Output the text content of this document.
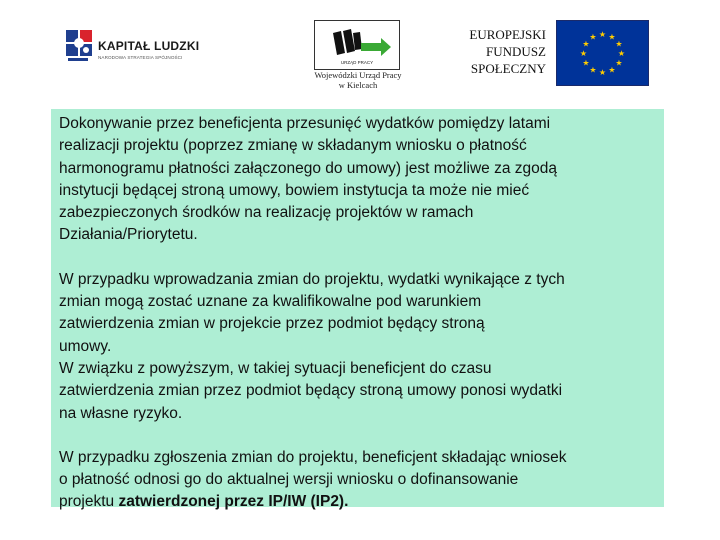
KAPITAŁ LUDZKI
NARODOWA STRATEGIA SPÓJNOŚCI
URZĄD PRACY
Wojewódzki Urząd Pracy
w Kielcach
EUROPEJSKI
FUNDUSZ
SPOŁECZNY
★ ★
★
★
★
★
★
★
★
★
★
★

Dokonywanie przez beneficjenta przesunięć wydatków pomiędzy latami
realizacji projektu (poprzez zmianę w składanym wniosku o płatność
harmonogramu płatności załączonego do umowy) jest możliwe za zgodą
instytucji będącej stroną umowy, bowiem instytucja ta może nie mieć
zabezpieczonych środków na realizację projektów w ramach
Działania/Priorytetu.

W przypadku wprowadzania zmian do projektu, wydatki wynikające z tych
zmian mogą zostać uznane za kwalifikowalne pod warunkiem
zatwierdzenia zmian w projekcie przez podmiot będący stroną
umowy.
W związku z powyższym, w takiej sytuacji beneficjent do czasu
zatwierdzenia zmian przez podmiot będący stroną umowy ponosi wydatki
na własne ryzyko.

W przypadku zgłoszenia zmian do projektu, beneficjent składając wniosek
o płatność odnosi go do aktualnej wersji wniosku o dofinansowanie
projektu zatwierdzonej przez IP/IW (IP2).
